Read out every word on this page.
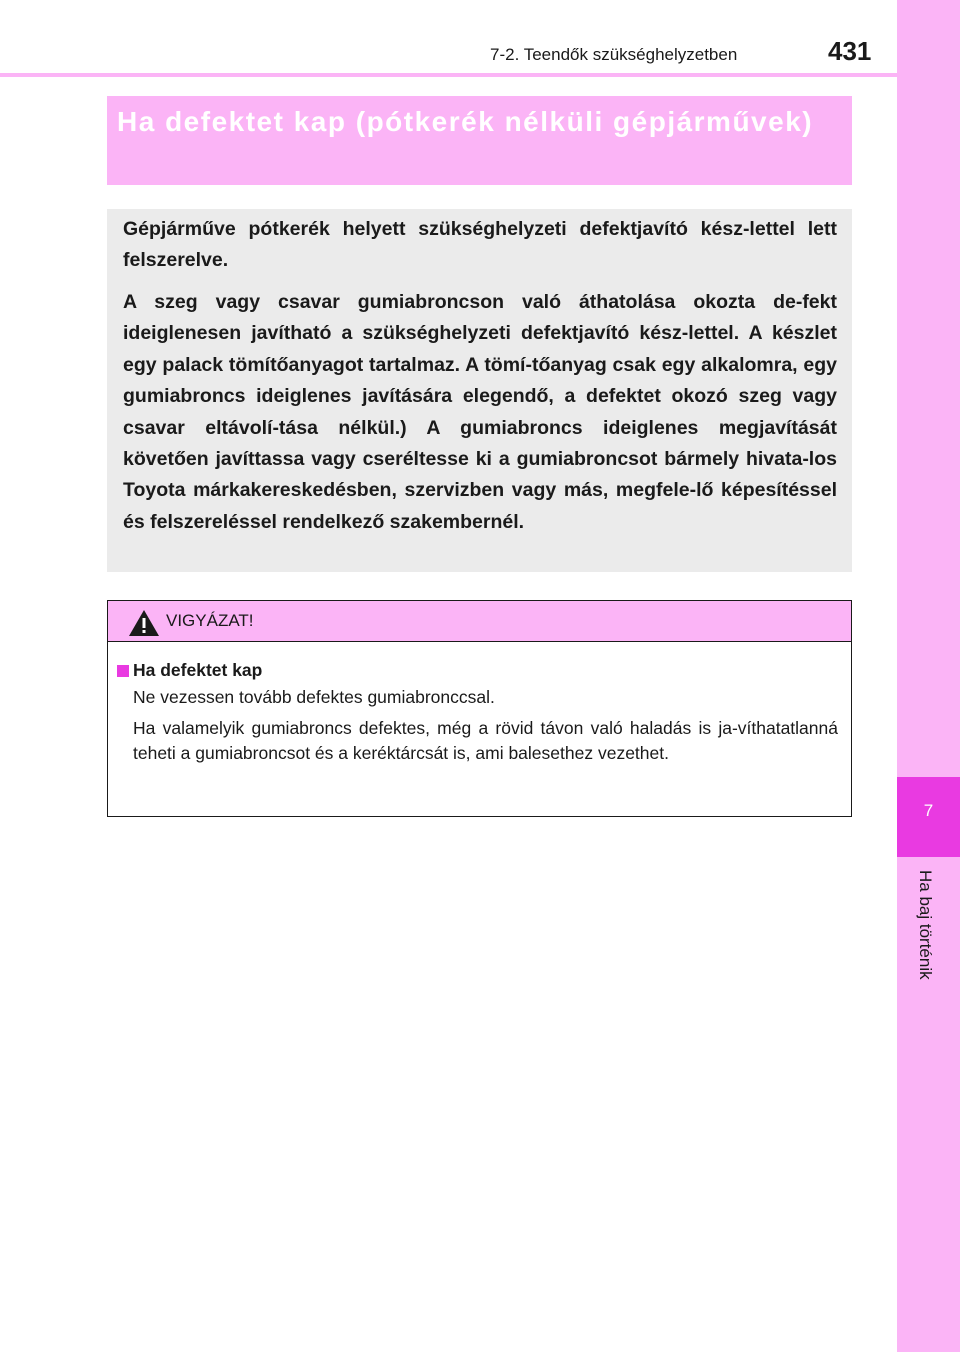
7
Ha baj történik
7-2. Teendők szükséghelyzetben	431
Ha defektet kap (pótkerék nélküli gépjárművek)

Gépjárműve pótkerék helyett szükséghelyzeti defektjavító kész-lettel lett felszerelve.

A szeg vagy csavar gumiabroncson való áthatolása okozta de-fekt ideiglenesen javítható a szükséghelyzeti defektjavító kész-lettel. A készlet egy palack tömítőanyagot tartalmaz. A tömí-tőanyag csak egy alkalomra, egy gumiabroncs ideiglenes javítására elegendő, a defektet okozó szeg vagy csavar eltávolí-tása nélkül.) A gumiabroncs ideiglenes megjavítását követően javíttassa vagy cseréltesse ki a gumiabroncsot bármely hivata-los Toyota márkakereskedésben, szervizben vagy más, megfele-lő képesítéssel és felszereléssel rendelkező szakembernél.

VIGYÁZAT!
Ha defektet kap

Ne vezessen tovább defektes gumiabronccsal.

Ha valamelyik gumiabroncs defektes, még a rövid távon való haladás is ja-víthatatlanná teheti a gumiabroncsot és a keréktárcsát is, ami balesethez vezethet.
